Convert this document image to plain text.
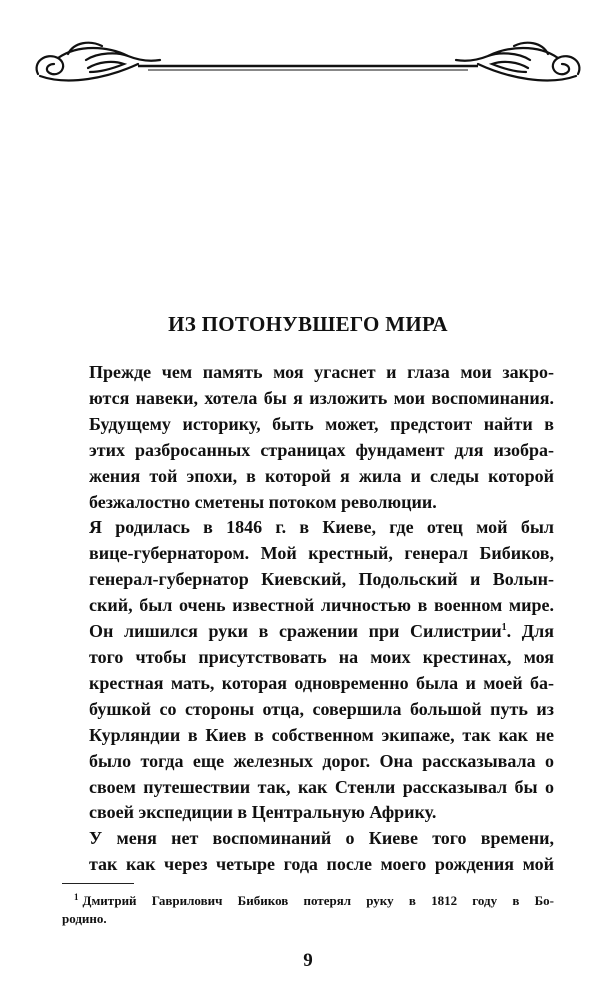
ИЗ ПОТОНУВШЕГО МИРА
Прежде чем память моя угаснет и глаза мои закро-
ются навеки, хотела бы я изложить мои воспоминания.
Будущему историку, быть может, предстоит найти в
этих разбросанных страницах фундамент для изобра-
жения той эпохи, в которой я жила и следы которой
безжалостно сметены потоком революции.
Я родилась в 1846 г. в Киеве, где отец мой был
вице-губернатором. Мой крестный, генерал Бибиков,
генерал-губернатор Киевский, Подольский и Волын-
ский, был очень известной личностью в военном мире.
Он лишился руки в сражении при Силистрии$^1$. Для
того чтобы присутствовать на моих крестинах, моя
крестная мать, которая одновременно была и моей ба-
бушкой со стороны отца, совершила большой путь из
Курляндии в Киев в собственном экипаже, так как не
было тогда еще железных дорог. Она рассказывала о
своем путешествии так, как Стенли рассказывал бы о
своей экспедиции в Центральную Африку.
У меня нет воспоминаний о Киеве того времени,
так как через четыре года после моего рождения мой
$^1$ Дмитрий Гаврилович Бибиков потерял руку в 1812 году в Бо-
родино.
9
